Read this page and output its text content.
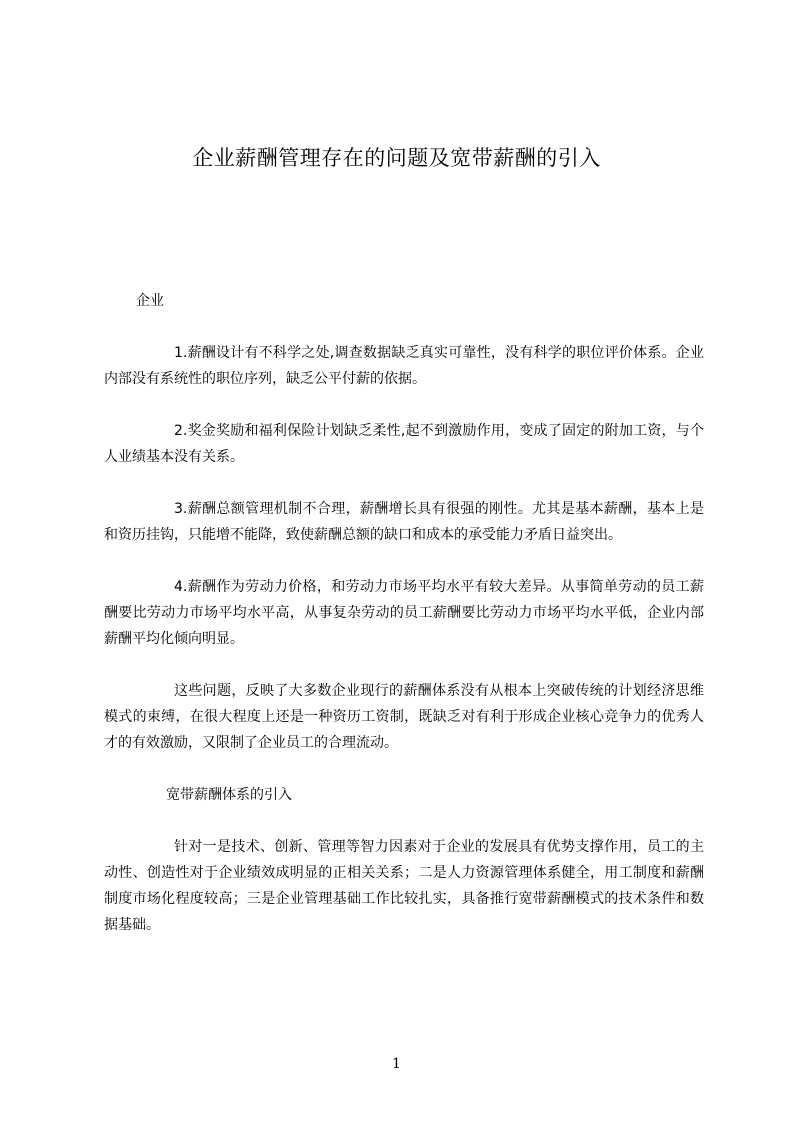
企业薪酬管理存在的问题及宽带薪酬的引入

企业

1.薪酬设计有不科学之处,调查数据缺乏真实可靠性，没有科学的职位评价体系。企业内部没有系统性的职位序列，缺乏公平付薪的依据。

2.奖金奖励和福利保险计划缺乏柔性,起不到激励作用，变成了固定的附加工资，与个人业绩基本没有关系。

3.薪酬总额管理机制不合理，薪酬增长具有很强的刚性。尤其是基本薪酬，基本上是和资历挂钩，只能增不能降，致使薪酬总额的缺口和成本的承受能力矛盾日益突出。

4.薪酬作为劳动力价格，和劳动力市场平均水平有较大差异。从事简单劳动的员工薪酬要比劳动力市场平均水平高，从事复杂劳动的员工薪酬要比劳动力市场平均水平低，企业内部薪酬平均化倾向明显。

这些问题，反映了大多数企业现行的薪酬体系没有从根本上突破传统的计划经济思维模式的束缚，在很大程度上还是一种资历工资制，既缺乏对有利于形成企业核心竞争力的优秀人才的有效激励，又限制了企业员工的合理流动。

宽带薪酬体系的引入

针对一是技术、创新、管理等智力因素对于企业的发展具有优势支撑作用，员工的主动性、创造性对于企业绩效成明显的正相关关系；二是人力资源管理体系健全，用工制度和薪酬制度市场化程度较高；三是企业管理基础工作比较扎实，具备推行宽带薪酬模式的技术条件和数据基础。

1
